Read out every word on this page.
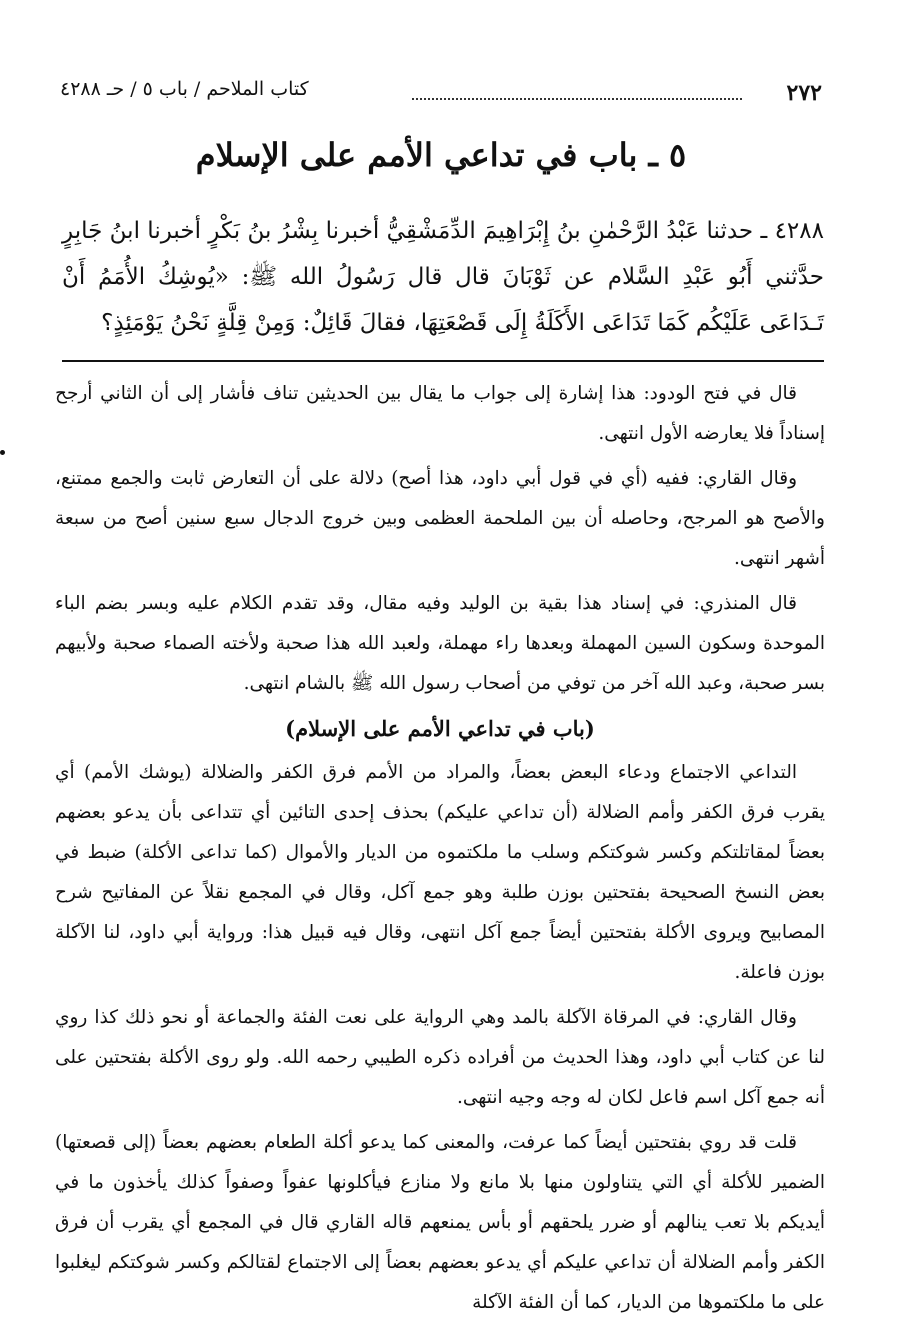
٢٧٢
كتاب الملاحم / باب ٥ / حـ ٤٢٨٨
٥ ـ باب في تداعي الأمم على الإسلام
٤٢٨٨ ـ حدثنا عَبْدُ الرَّحْمٰنِ بنُ إِبْرَاهِيمَ الدِّمَشْقِيُّ أخبرنا بِشْرُ بنُ بَكْرٍ أخبرنا ابنُ جَابِرٍ حدَّثني أَبُو عَبْدِ السَّلام عن ثَوْبَانَ قال قال رَسُولُ الله ﷺ: «يُوشِكُ الأُمَمُ أَنْ تَـدَاعَى عَلَيْكُم كَمَا تَدَاعَى الأَكَلَةُ إِلَى قَصْعَتِهَا، فقالَ قَائِلٌ: وَمِنْ قِلَّةٍ نَحْنُ يَوْمَئِذٍ؟

قال في فتح الودود: هذا إشارة إلى جواب ما يقال بين الحديثين تناف فأشار إلى أن الثاني أرجح إسناداً فلا يعارضه الأول انتهى.

وقال القاري: ففيه (أي في قول أبي داود، هذا أصح) دلالة على أن التعارض ثابت والجمع ممتنع، والأصح هو المرجح، وحاصله أن بين الملحمة العظمى وبين خروج الدجال سبع سنين أصح من سبعة أشهر انتهى.

قال المنذري: في إسناد هذا بقية بن الوليد وفيه مقال، وقد تقدم الكلام عليه وبسر بضم الباء الموحدة وسكون السين المهملة وبعدها راء مهملة، ولعبد الله هذا صحبة ولأخته الصماء صحبة ولأبيهم بسر صحبة، وعبد الله آخر من توفي من أصحاب رسول الله ﷺ بالشام انتهى.

(باب في تداعي الأمم على الإسلام)

التداعي الاجتماع ودعاء البعض بعضاً، والمراد من الأمم فرق الكفر والضلالة (يوشك الأمم) أي يقرب فرق الكفر وأمم الضلالة (أن تداعي عليكم) بحذف إحدى التائين أي تتداعى بأن يدعو بعضهم بعضاً لمقاتلتكم وكسر شوكتكم وسلب ما ملكتموه من الديار والأموال (كما تداعى الأكلة) ضبط في بعض النسخ الصحيحة بفتحتين بوزن طلبة وهو جمع آكل، وقال في المجمع نقلاً عن المفاتيح شرح المصابيح ويروى الأكلة بفتحتين أيضاً جمع آكل انتهى، وقال فيه قبيل هذا: ورواية أبي داود، لنا الآكلة بوزن فاعلة.

وقال القاري: في المرقاة الآكلة بالمد وهي الرواية على نعت الفئة والجماعة أو نحو ذلك كذا روي لنا عن كتاب أبي داود، وهذا الحديث من أفراده ذكره الطيبي رحمه الله. ولو روى الأكلة بفتحتين على أنه جمع آكل اسم فاعل لكان له وجه وجيه انتهى.

قلت قد روي بفتحتين أيضاً كما عرفت، والمعنى كما يدعو أكلة الطعام بعضهم بعضاً (إلى قصعتها) الضمير للأكلة أي التي يتناولون منها بلا مانع ولا منازع فيأكلونها عفواً وصفواً كذلك يأخذون ما في أيديكم بلا تعب ينالهم أو ضرر يلحقهم أو بأس يمنعهم قاله القاري قال في المجمع أي يقرب أن فرق الكفر وأمم الضلالة أن تداعي عليكم أي يدعو بعضهم بعضاً إلى الاجتماع لقتالكم وكسر شوكتكم ليغلبوا على ما ملكتموها من الديار، كما أن الفئة الآكلة
